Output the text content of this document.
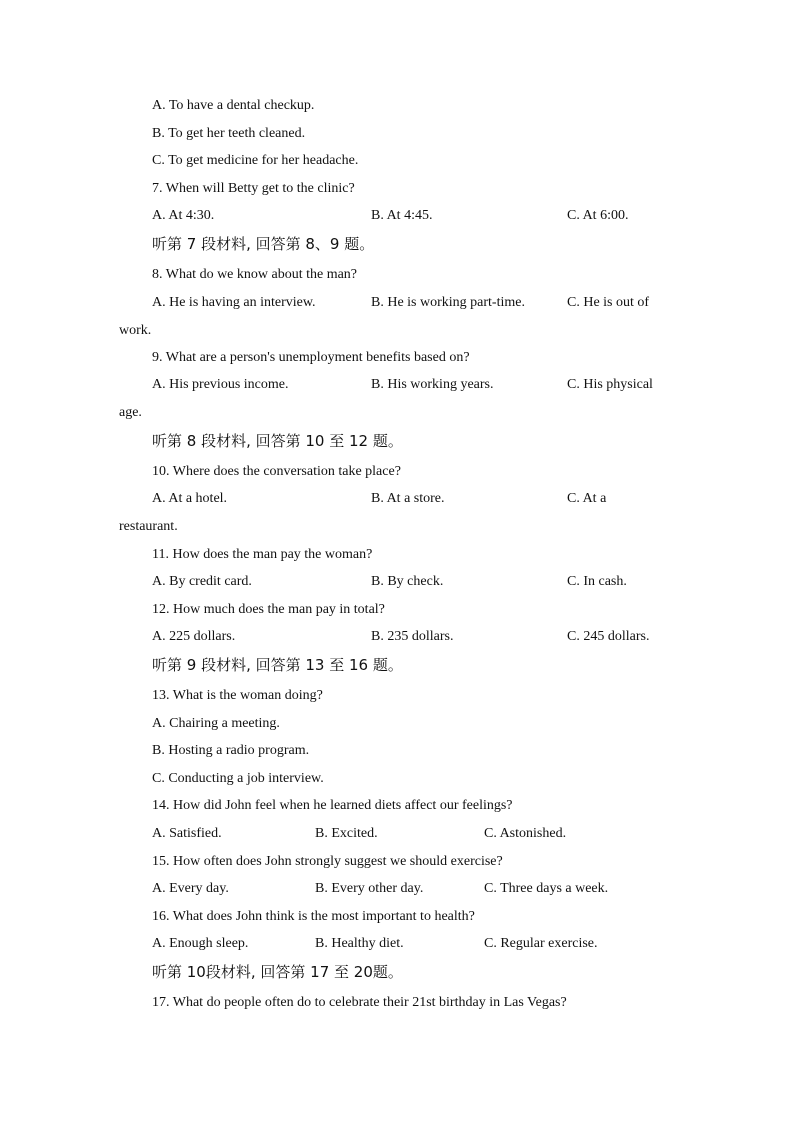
A. To have a dental checkup.
B. To get her teeth cleaned.
C. To get medicine for her headache.
7. When will Betty get to the clinic?
A. At 4:30.	B. At 4:45.	C. At 6:00.
听第 7 段材料, 回答第 8、9 题。
8. What do we know about the man?
A. He is having an interview.	B. He is working part-time.	C. He is out of
work.
9. What are a person's unemployment benefits based on?
A. His previous income.	B. His working years.	C. His physical
age.
听第 8 段材料, 回答第 10 至 12 题。
10. Where does the conversation take place?
A. At a hotel.	B. At a store.	C. At a
restaurant.
11. How does the man pay the woman?
A. By credit card.	B. By check.	C. In cash.
12. How much does the man pay in total?
A. 225 dollars.	B. 235 dollars.	C. 245 dollars.
听第 9 段材料, 回答第 13 至 16 题。
13. What is the woman doing?
A. Chairing a meeting.
B. Hosting a radio program.
C. Conducting a job interview.
14. How did John feel when he learned diets affect our feelings?
A. Satisfied.	B. Excited.	C. Astonished.
15. How often does John strongly suggest we should exercise?
A. Every day.	B. Every other day.	C. Three days a week.
16. What does John think is the most important to health?
A. Enough sleep.	B. Healthy diet.	C. Regular exercise.
听第 10段材料, 回答第 17 至 20题。
17. What do people often do to celebrate their 21st birthday in Las Vegas?
